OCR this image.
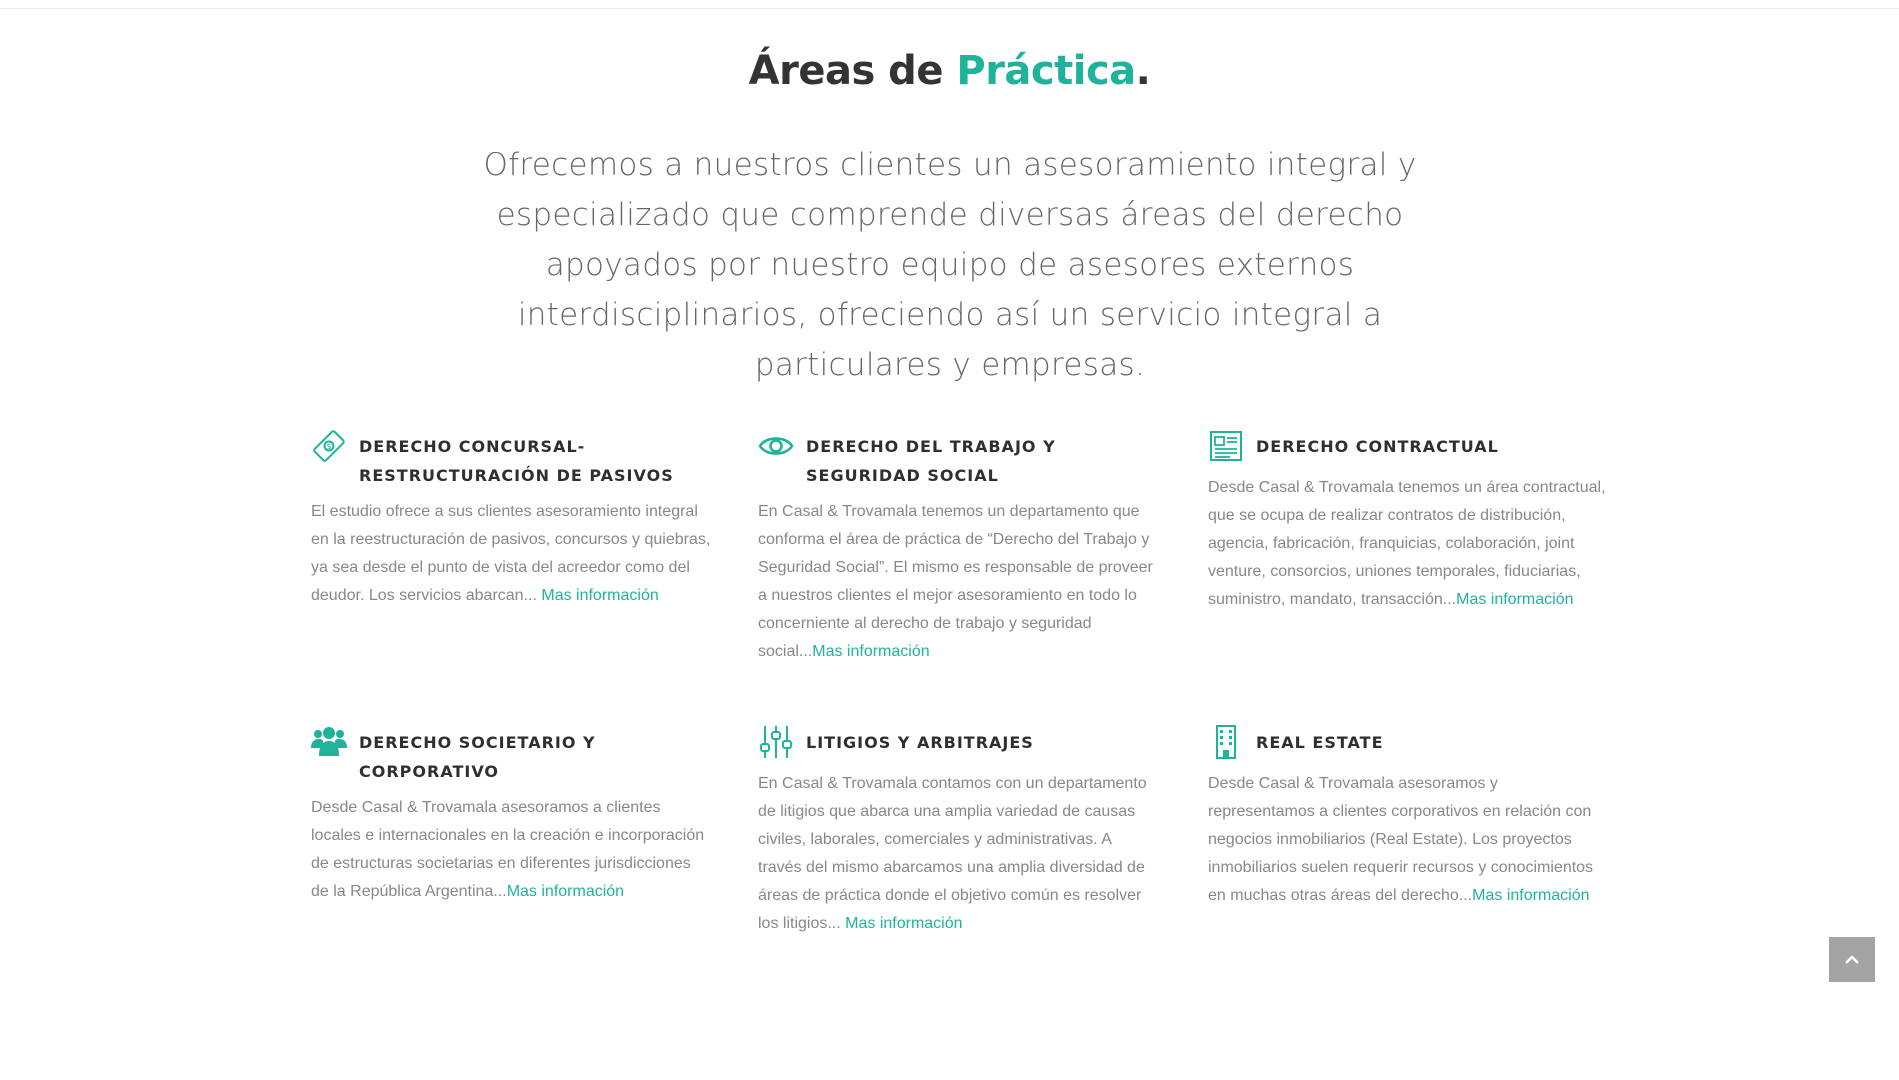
Áreas de Práctica.

Ofrecemos a nuestros clientes un asesoramiento integral y especializado que comprende diversas áreas del derecho apoyados por nuestro equipo de asesores externos interdisciplinarios, ofreciendo así un servicio integral a particulares y empresas.

$ DERECHO CONCURSAL- RESTRUCTURACIÓN DE PASIVOS
El estudio ofrece a sus clientes asesoramiento integral en la reestructuración de pasivos, concursos y quiebras, ya sea desde el punto de vista del acreedor como del deudor. Los servicios abarcan... Mas información
DERECHO DEL TRABAJO Y SEGURIDAD SOCIAL
En Casal & Trovamala tenemos un departamento que conforma el área de práctica de “Derecho del Trabajo y Seguridad Social”. El mismo es responsable de proveer a nuestros clientes el mejor asesoramiento en todo lo concerniente al derecho de trabajo y seguridad social...Mas información
DERECHO CONTRACTUAL
Desde Casal & Trovamala tenemos un área contractual, que se ocupa de realizar contratos de distribución, agencia, fabricación, franquicias, colaboración, joint venture, consorcios, uniones temporales, fiduciarias, suministro, mandato, transacción...Mas información
DERECHO SOCIETARIO Y CORPORATIVO
Desde Casal & Trovamala asesoramos a clientes locales e internacionales en la creación e incorporación de estructuras societarias en diferentes jurisdicciones de la República Argentina...Mas información
LITIGIOS Y ARBITRAJES
En Casal & Trovamala contamos con un departamento de litigios que abarca una amplia variedad de causas civiles, laborales, comerciales y administrativas. A través del mismo abarcamos una amplia diversidad de áreas de práctica donde el objetivo común es resolver los litigios... Mas información
REAL ESTATE
Desde Casal & Trovamala asesoramos y representamos a clientes corporativos en relación con negocios inmobiliarios (Real Estate). Los proyectos inmobiliarios suelen requerir recursos y conocimientos en muchas otras áreas del derecho...Mas información
